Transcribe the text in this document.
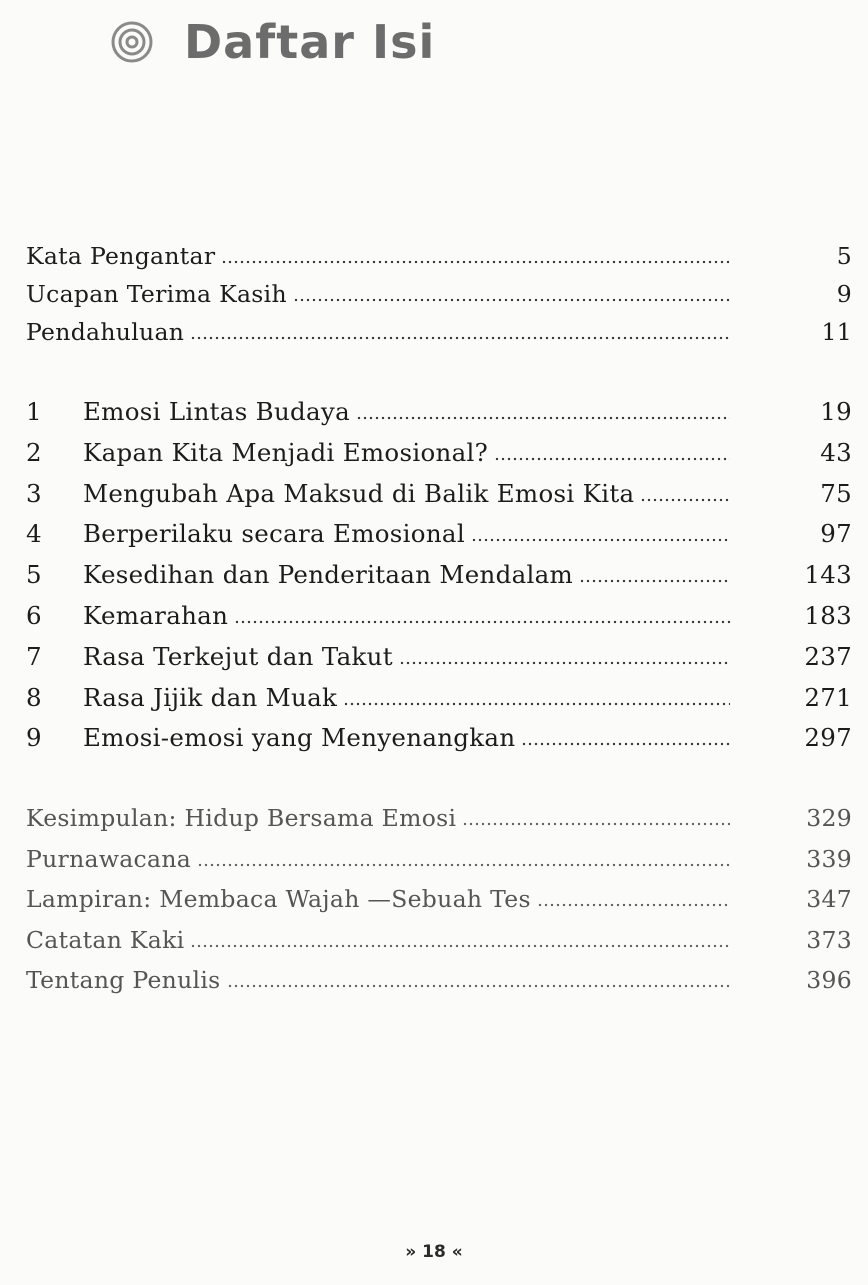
Daftar Isi
Kata Pengantar	5
Ucapan Terima Kasih	9
Pendahuluan	11
1	Emosi Lintas Budaya	19
2	Kapan Kita Menjadi Emosional?	43
3	Mengubah Apa Maksud di Balik Emosi Kita	75
4	Berperilaku secara Emosional	97
5	Kesedihan dan Penderitaan Mendalam	143
6	Kemarahan	183
7	Rasa Terkejut dan Takut	237
8	Rasa Jijik dan Muak	271
9	Emosi-emosi yang Menyenangkan	297
Kesimpulan: Hidup Bersama Emosi	329
Purnawacana	339
Lampiran: Membaca Wajah —Sebuah Tes	347
Catatan Kaki	373
Tentang Penulis	396
» 18 «
